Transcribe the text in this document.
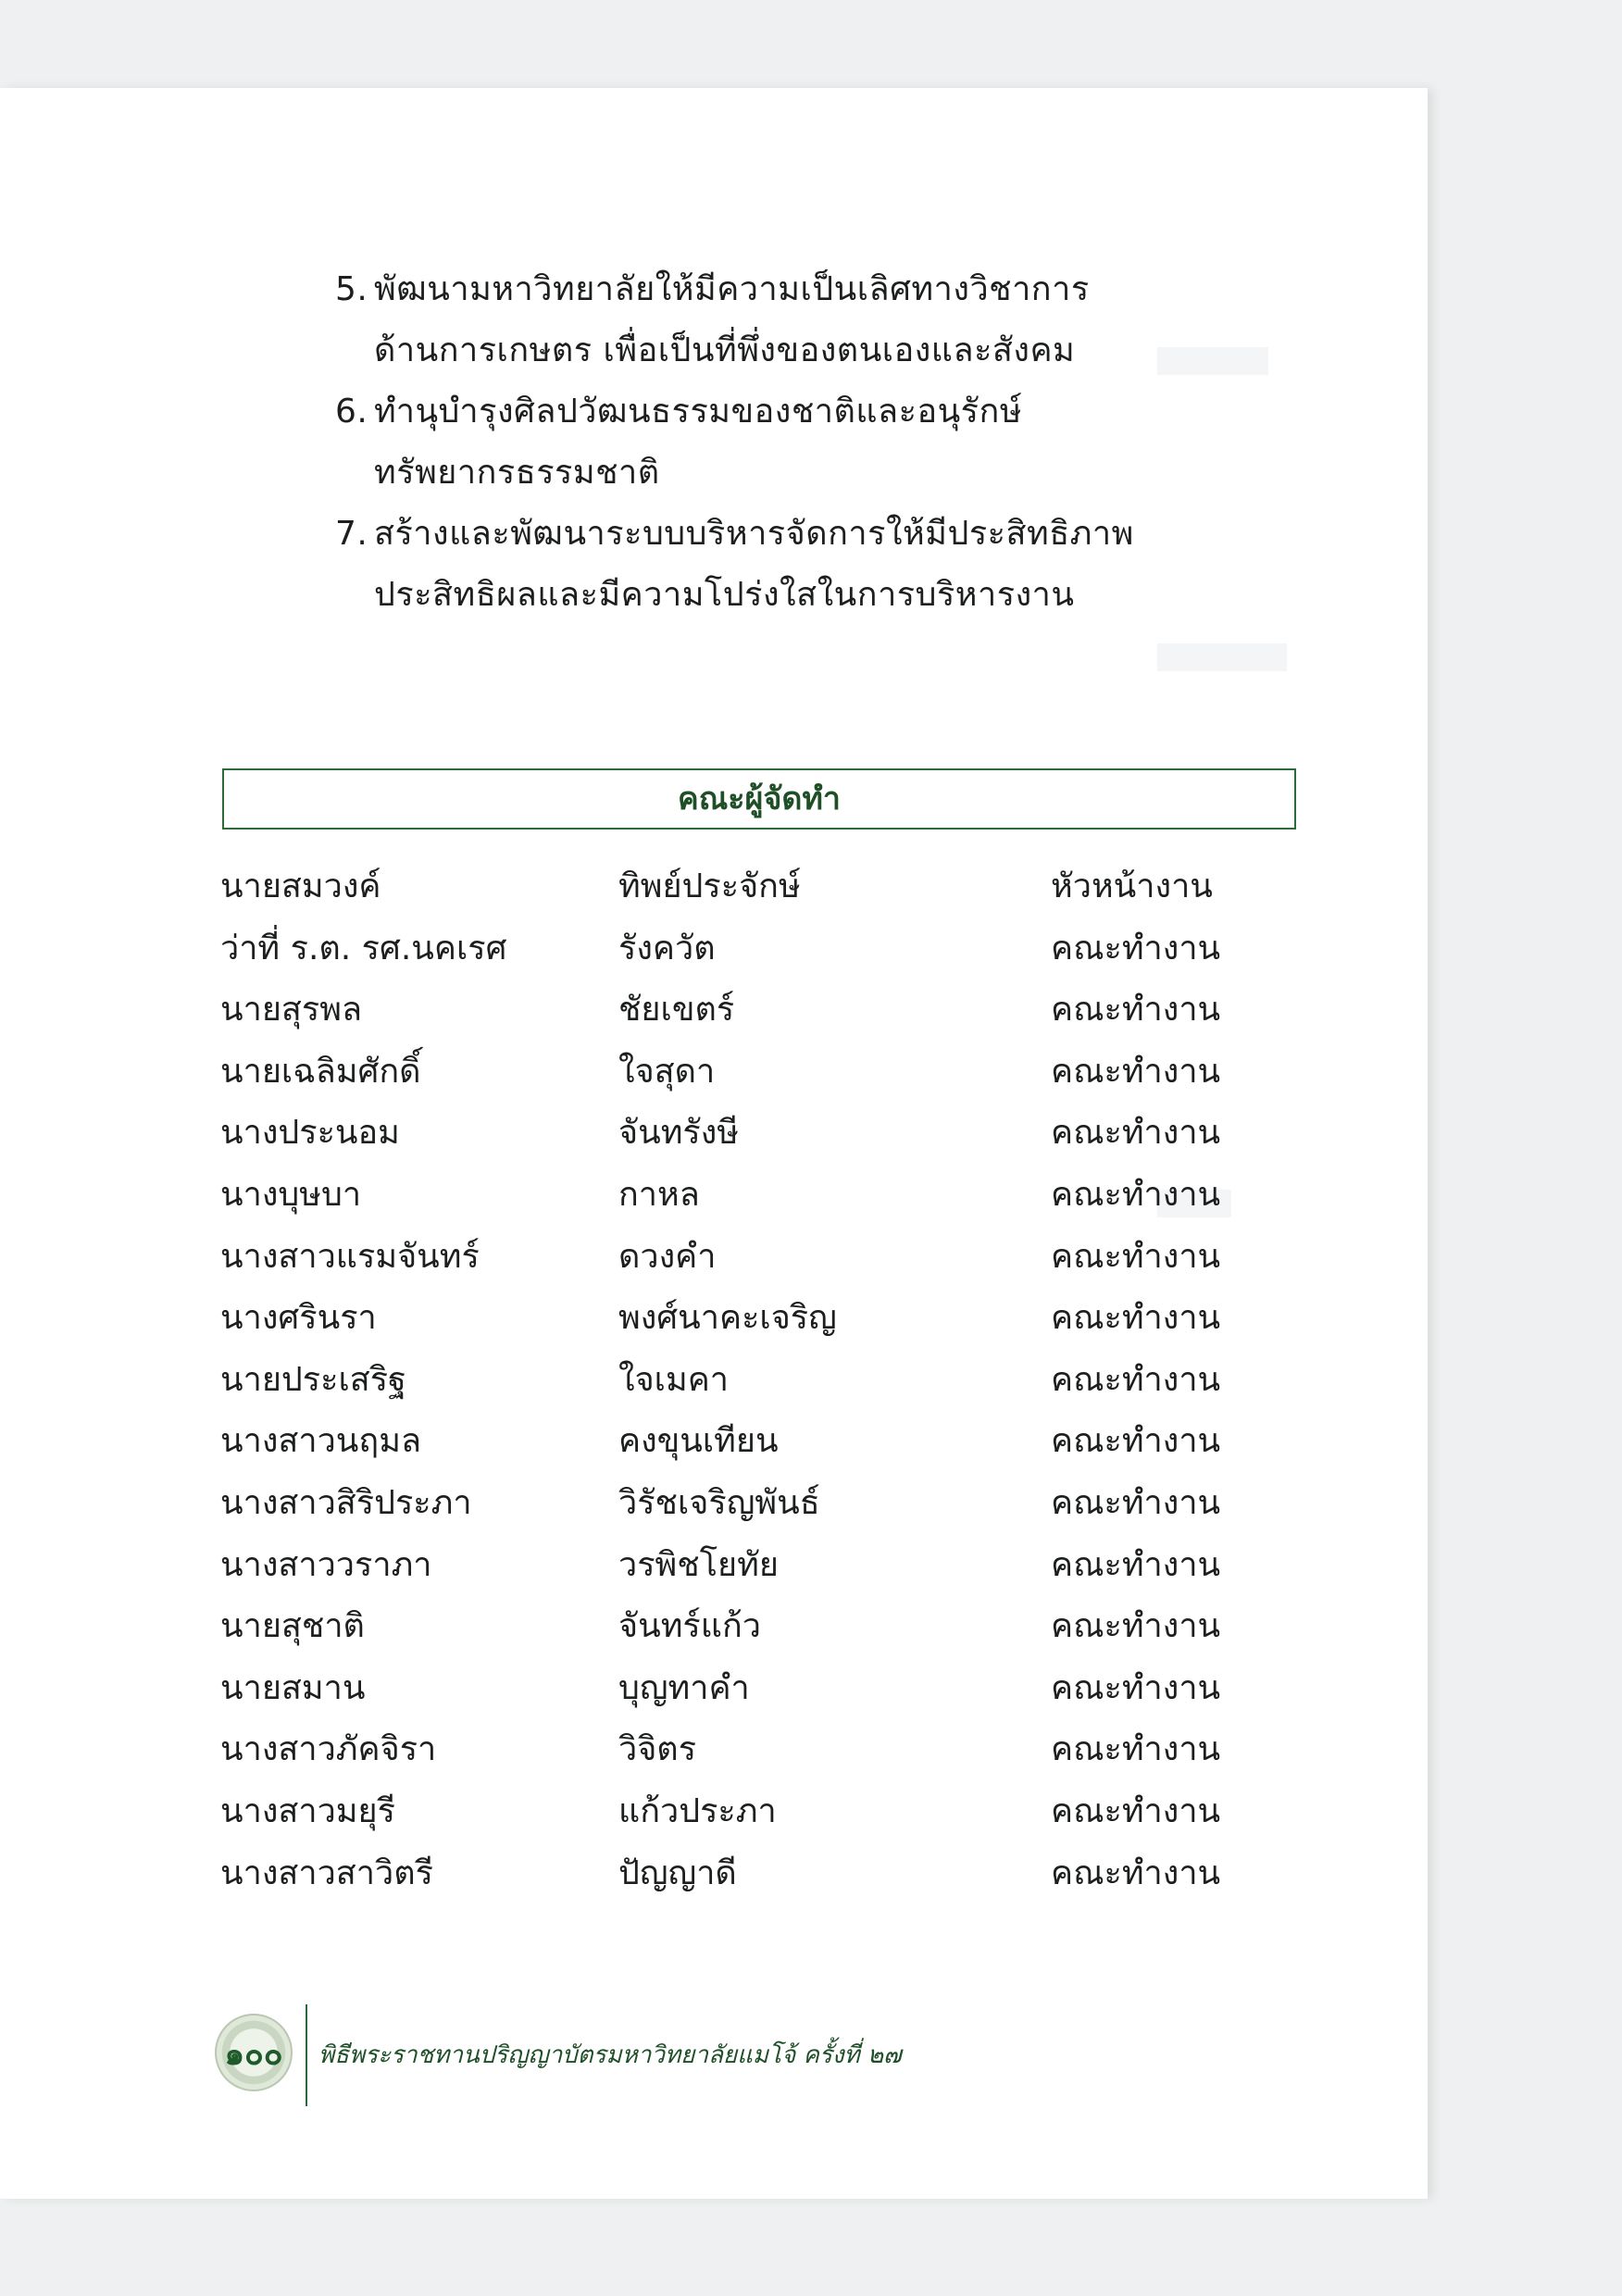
5. พัฒนามหาวิทยาลัยให้มีความเป็นเลิศทางวิชาการ
ด้านการเกษตร เพื่อเป็นที่พึ่งของตนเองและสังคม
6. ทำนุบำรุงศิลปวัฒนธรรมของชาติและอนุรักษ์
ทรัพยากรธรรมชาติ
7. สร้างและพัฒนาระบบบริหารจัดการให้มีประสิทธิภาพ
ประสิทธิผลและมีความโปร่งใสในการบริหารงาน
คณะผู้จัดทำ
นายสมวงค์	ทิพย์ประจักษ์	หัวหน้างาน
ว่าที่ ร.ต. รศ.นคเรศ	รังควัต	คณะทำงาน
นายสุรพล	ชัยเขตร์	คณะทำงาน
นายเฉลิมศักดิ์	ใจสุดา	คณะทำงาน
นางประนอม	จันทรังษี	คณะทำงาน
นางบุษบา	กาหล	คณะทำงาน
นางสาวแรมจันทร์	ดวงคำ	คณะทำงาน
นางศรินรา	พงศ์นาคะเจริญ	คณะทำงาน
นายประเสริฐ	ใจเมคา	คณะทำงาน
นางสาวนฤมล	คงขุนเทียน	คณะทำงาน
นางสาวสิริประภา	วิรัชเจริญพันธ์	คณะทำงาน
นางสาววราภา	วรพิชโยทัย	คณะทำงาน
นายสุชาติ	จันทร์แก้ว	คณะทำงาน
นายสมาน	บุญทาคำ	คณะทำงาน
นางสาวภัคจิรา	วิจิตร	คณะทำงาน
นางสาวมยุรี	แก้วประภา	คณะทำงาน
นางสาวสาวิตรี	ปัญญาดี	คณะทำงาน
๑๐๐ พิธีพระราชทานปริญญาบัตรมหาวิทยาลัยแมโจ้ ครั้งที่ ๒๗
